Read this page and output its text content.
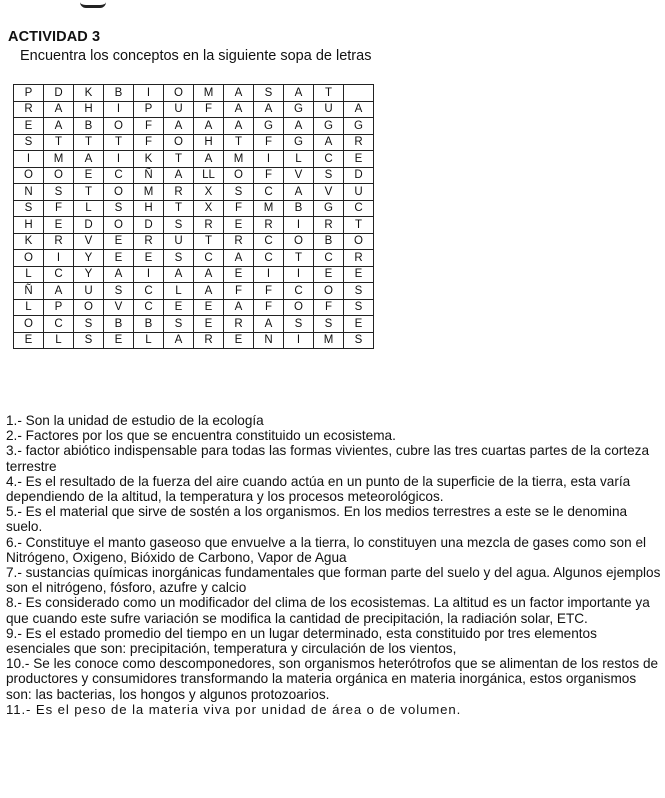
ACTIVIDAD 3
Encuentra los conceptos en la siguiente sopa de letras
P	D	K	B	I	O	M	A	S	A	T	
R	A	H	I	P	U	F	A	A	G	U	A
E	A	B	O	F	A	A	A	G	A	G	G
S	T	T	T	F	O	H	T	F	G	A	R
I	M	A	I	K	T	A	M	I	L	C	E
O	O	E	C	Ñ	A	LL	O	F	V	S	D
N	S	T	O	M	R	X	S	C	A	V	U
S	F	L	S	H	T	X	F	M	B	G	C
H	E	D	O	D	S	R	E	R	I	R	T
K	R	V	E	R	U	T	R	C	O	B	O
O	I	Y	E	E	S	C	A	C	T	C	R
L	C	Y	A	I	A	A	E	I	I	E	E
Ñ	A	U	S	C	L	A	F	F	C	O	S
L	P	O	V	C	E	E	A	F	O	F	S
O	C	S	B	B	S	E	R	A	S	S	E
E	L	S	E	L	A	R	E	N	I	M	S

1.- Son la unidad de estudio de la ecología

2.- Factores por los que se encuentra constituido un ecosistema.

3.- factor abiótico indispensable para todas las formas vivientes, cubre las tres cuartas partes de la corteza terrestre

4.- Es el resultado de la fuerza del aire cuando actúa en un punto de la superficie de la tierra, esta varía dependiendo de la altitud, la temperatura y los procesos meteorológicos.

5.- Es el material que sirve de sostén a los organismos. En los medios terrestres a este se le denomina suelo.

6.- Constituye el manto gaseoso que envuelve a la tierra, lo constituyen una mezcla de gases como son el Nitrógeno, Oxigeno, Bióxido de Carbono, Vapor de Agua

7.- sustancias químicas inorgánicas fundamentales que forman parte del suelo y del agua. Algunos ejemplos son el nitrógeno, fósforo, azufre y calcio

8.- Es considerado como un modificador del clima de los ecosistemas. La altitud es un factor importante ya que cuando este sufre variación se modifica la cantidad de precipitación, la radiación solar, ETC.

9.- Es el estado promedio del tiempo en un lugar determinado, esta constituido por tres elementos esenciales que son: precipitación, temperatura y circulación de los vientos,

10.- Se les conoce como descomponedores, son organismos heterótrofos que se alimentan de los restos de productores y consumidores transformando la materia orgánica en materia inorgánica, estos organismos son: las bacterias, los hongos y algunos protozoarios.

11.- Es el peso de la materia viva por unidad de área o de volumen.
